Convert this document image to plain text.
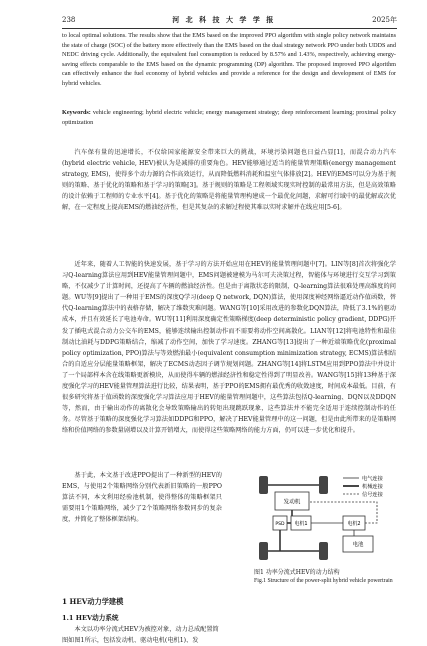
238	河 北 科 技 大 学 学 报	2025年
to local optimal solutions. The results show that the EMS based on the improved PPO algorithm with single policy network maintains the state of charge (SOC) of the battery more effectively than the EMS based on the dual strategy network PPO under both UDDS and NEDC driving cycle. Additionally, the equivalent fuel consumption is reduced by 8.57% and 1.43%, respectively, achieving energy-saving effects comparable to the EMS based on the dynamic programming (DP) algorithm. The proposed improved PPO algorithm can effectively enhance the fuel economy of hybrid vehicles and provide a reference for the design and development of EMS for hybrid vehicles.
Keywords: vehicle engineering; hybrid electric vehicle; energy management strategy; deep reinforcement learning; proximal policy optimization
汽车保有量的迅速增长，不仅给国家能源安全带来巨大的挑战，环境污染问题也日益凸显[1]，而混合动力汽车(hybrid electric vehicle, HEV)被认为是减排的重要角色。HEV能够通过适当的能量管理策略(energy management strategy, EMS)，使得多个动力源的合作高效运行，从而降低燃料消耗和温室气体排放[2]。HEV的EMS可以分为基于规则的策略、基于优化的策略和基于学习的策略[3]。基于规则的策略是工程领域实现实时控制的最常用方法，但是高效策略的设计依赖于工程师的专业水平[4]。基于优化的策略是将能量管理构建成一个最优化问题，求解可行域中的最优解或次优解，在一定程度上提高EMS的燃油经济性，但是其复杂的求解过程使其难以实时求解并在线应用[5-6]。
近年来，随着人工智能的快速发展，基于学习的方法开始应用在HEV的能量管理问题中[7]。LIN等[8]首次将强化学习Q-learning算法应用到HEV能量管理问题中，EMS问题被建模为马尔可夫决策过程，智能体与环境进行交互学习到策略，不仅减少了计算时间，还提高了车辆的燃油经济性。但是由于离散状态的限制，Q-learning算法很难处理高维度的问题。WU等[9]提出了一种用于EMS的深度Q学习(deep Q network, DQN)算法，使用深度神经网络逼近动作值函数，替代Q-learning算法中的表格存储，解决了维数灾难问题。WANG等[10]采用改进的参数化DQN算法，降低了3.1%的驱动成本，并且有效延长了电池寿命。WU等[11]利用深度确定性策略梯度(deep deterministic policy gradient, DDPG)开发了插电式混合动力公交车的EMS，能够连续输出控制动作而不需要将动作空间离散化。LIAN等[12]将电池特性和最佳制动比油耗与DDPG策略结合，缩减了动作空间，加快了学习速度。ZHANG等[13]提出了一种近端策略优化(proximal policy optimization, PPO)算法与等效燃油最小(equivalent consumption minimization strategy, ECMS)算法相结合的自适应分层能量策略框架，解决了ECMS动态因子调节规划问题。ZHANG等[14]将LSTM应用到PPO算法中并设计了一个局部样本含在线策略更新模块，从而使得车辆的燃油经济性和稳定性得到了明显改善。WANG等[15]将13种基于深度强化学习的HEV能量管理算法进行比较，结果表明，基于PPO的EMS拥有最优秀的收敛速度，时间成本最低。目前，有很多研究将基于值函数的深度强化学习算法应用于HEV的能量管理问题中，这些算法包括Q-learning、DQN以及DDQN等，然而，由于输出动作的离散化会导致策略输出的转矩出现跳跃现象，这些算法并不能完全适用于连续控制动作的任务。尽管基于策略的深度强化学习算法如DDPG和PPO，解决了HEV能量管理中的这一问题，但是由此所带来的是策略网络和价值网络的参数量剧增以及计算开销增大，而使得这些策略网络的能力方面，仍可以进一步优化和提升。
基于此，本文基于改进PPO提出了一种新型的HEV的EMS，与使用2个策略网络分别代表新旧策略的一般PPO算法不同，本文利用经验池机制，使得整体的策略框架只需要用1个策略网络，减少了2个策略网络参数同步的复杂度，并简化了整体框架结构。
1 HEV动力学建模
1.1 HEV动力系统
本文以功率分流式HEV为被控对象，动力总成配置简图如图1所示，包括发动机、驱动电机(电机1)、发
电气连接
机械连接
信号连接
发动机
PSD 电机1	电机2
电池
图1 功率分流式HEV的动力结构
Fig.1 Structure of the power-split hybrid vehicle powertrain
